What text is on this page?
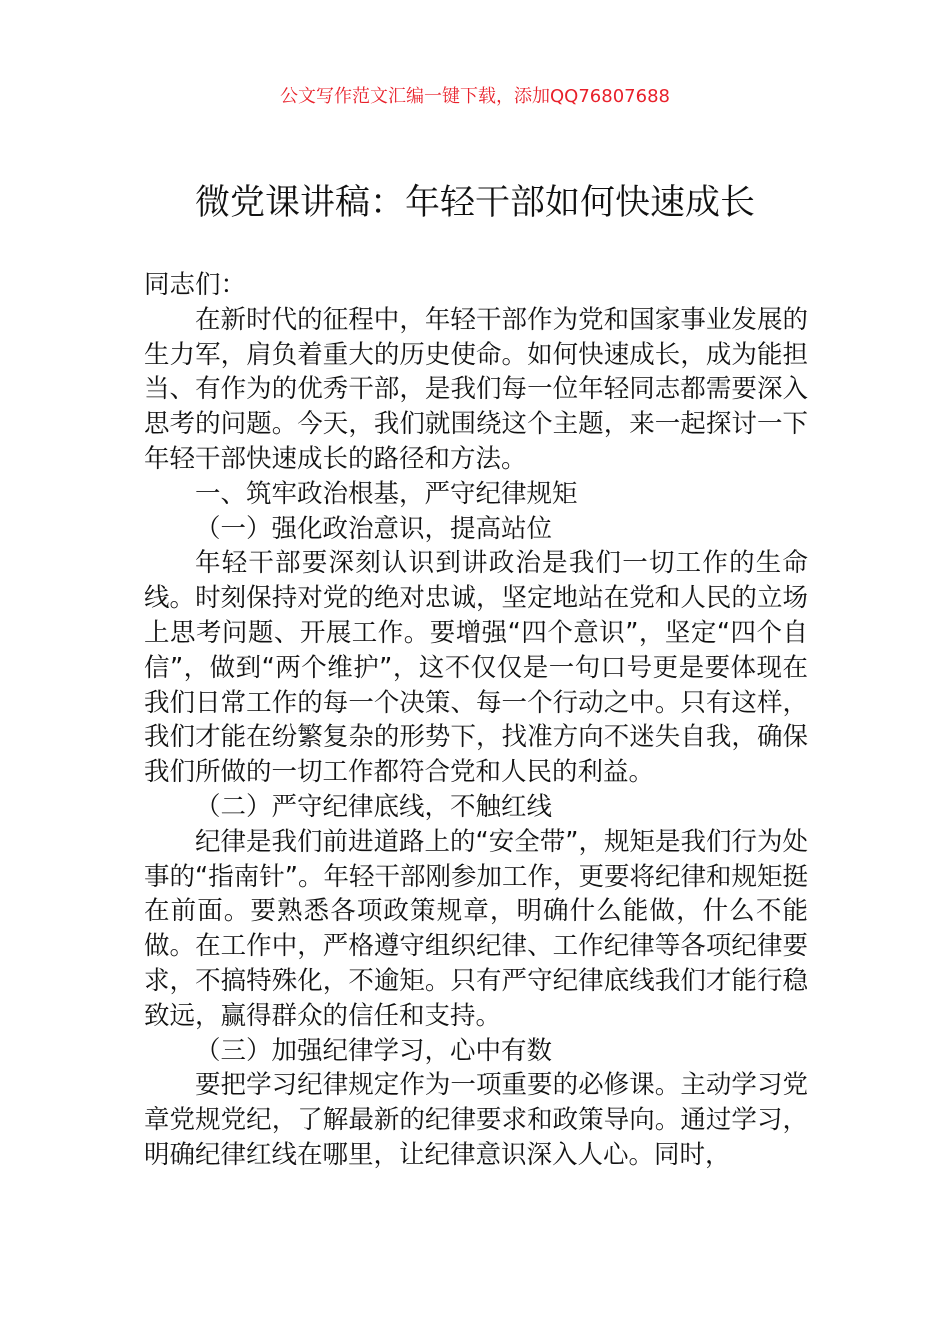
公文写作范文汇编一键下载，添加QQ76807688
微党课讲稿：年轻干部如何快速成长

同志们：

在新时代的征程中，年轻干部作为党和国家事业发展的生力军，肩负着重大的历史使命。如何快速成长，成为能担当、有作为的优秀干部，是我们每一位年轻同志都需要深入思考的问题。今天，我们就围绕这个主题，来一起探讨一下年轻干部快速成长的路径和方法。

一、筑牢政治根基，严守纪律规矩

（一）强化政治意识，提高站位

年轻干部要深刻认识到讲政治是我们一切工作的生命线。时刻保持对党的绝对忠诚，坚定地站在党和人民的立场上思考问题、开展工作。要增强“四个意识”，坚定“四个自信”，做到“两个维护”，这不仅仅是一句口号更是要体现在我们日常工作的每一个决策、每一个行动之中。只有这样，我们才能在纷繁复杂的形势下，找准方向不迷失自我，确保我们所做的一切工作都符合党和人民的利益。

（二）严守纪律底线，不触红线

纪律是我们前进道路上的“安全带”，规矩是我们行为处事的“指南针”。年轻干部刚参加工作，更要将纪律和规矩挺在前面。要熟悉各项政策规章，明确什么能做，什么不能做。在工作中，严格遵守组织纪律、工作纪律等各项纪律要求，不搞特殊化，不逾矩。只有严守纪律底线我们才能行稳致远，赢得群众的信任和支持。

（三）加强纪律学习，心中有数

要把学习纪律规定作为一项重要的必修课。主动学习党章党规党纪，了解最新的纪律要求和政策导向。通过学习，明确纪律红线在哪里，让纪律意识深入人心。同时，
